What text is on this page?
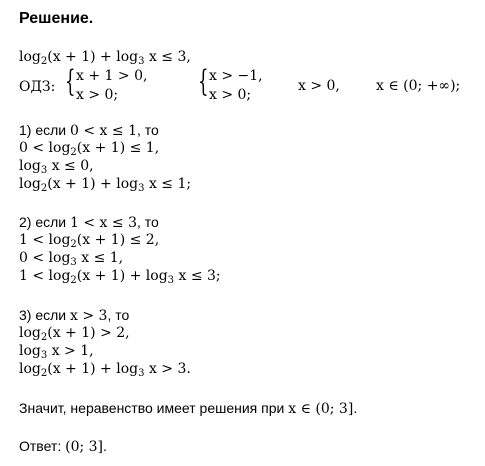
Решение.
$\log_2(x + 1) + \log_3 x \le 3$,
ОДЗ: { x + 1 > 0,
x > 0;	{ x > −1,
x > 0;
x > 0,	x ∈ (0; +∞);
1) если 0 < x ≤ 1, то
$0 < \log_2(x + 1) \le 1$,
$\log_3 x \le 0$,
$\log_2(x + 1) + \log_3 x \le 1$;
2) если 1 < x ≤ 3, то
$1 < \log_2(x + 1) \le 2$,
$0 < \log_3 x \le 1$,
$1 < \log_2(x + 1) + \log_3 x \le 3$;
3) если x > 3, то
$\log_2(x + 1) > 2$,
$\log_3 x > 1$,
$\log_2(x + 1) + \log_3 x > 3$.
Значит, неравенство имеет решения при x ∈ (0; 3].
Ответ: (0; 3].
